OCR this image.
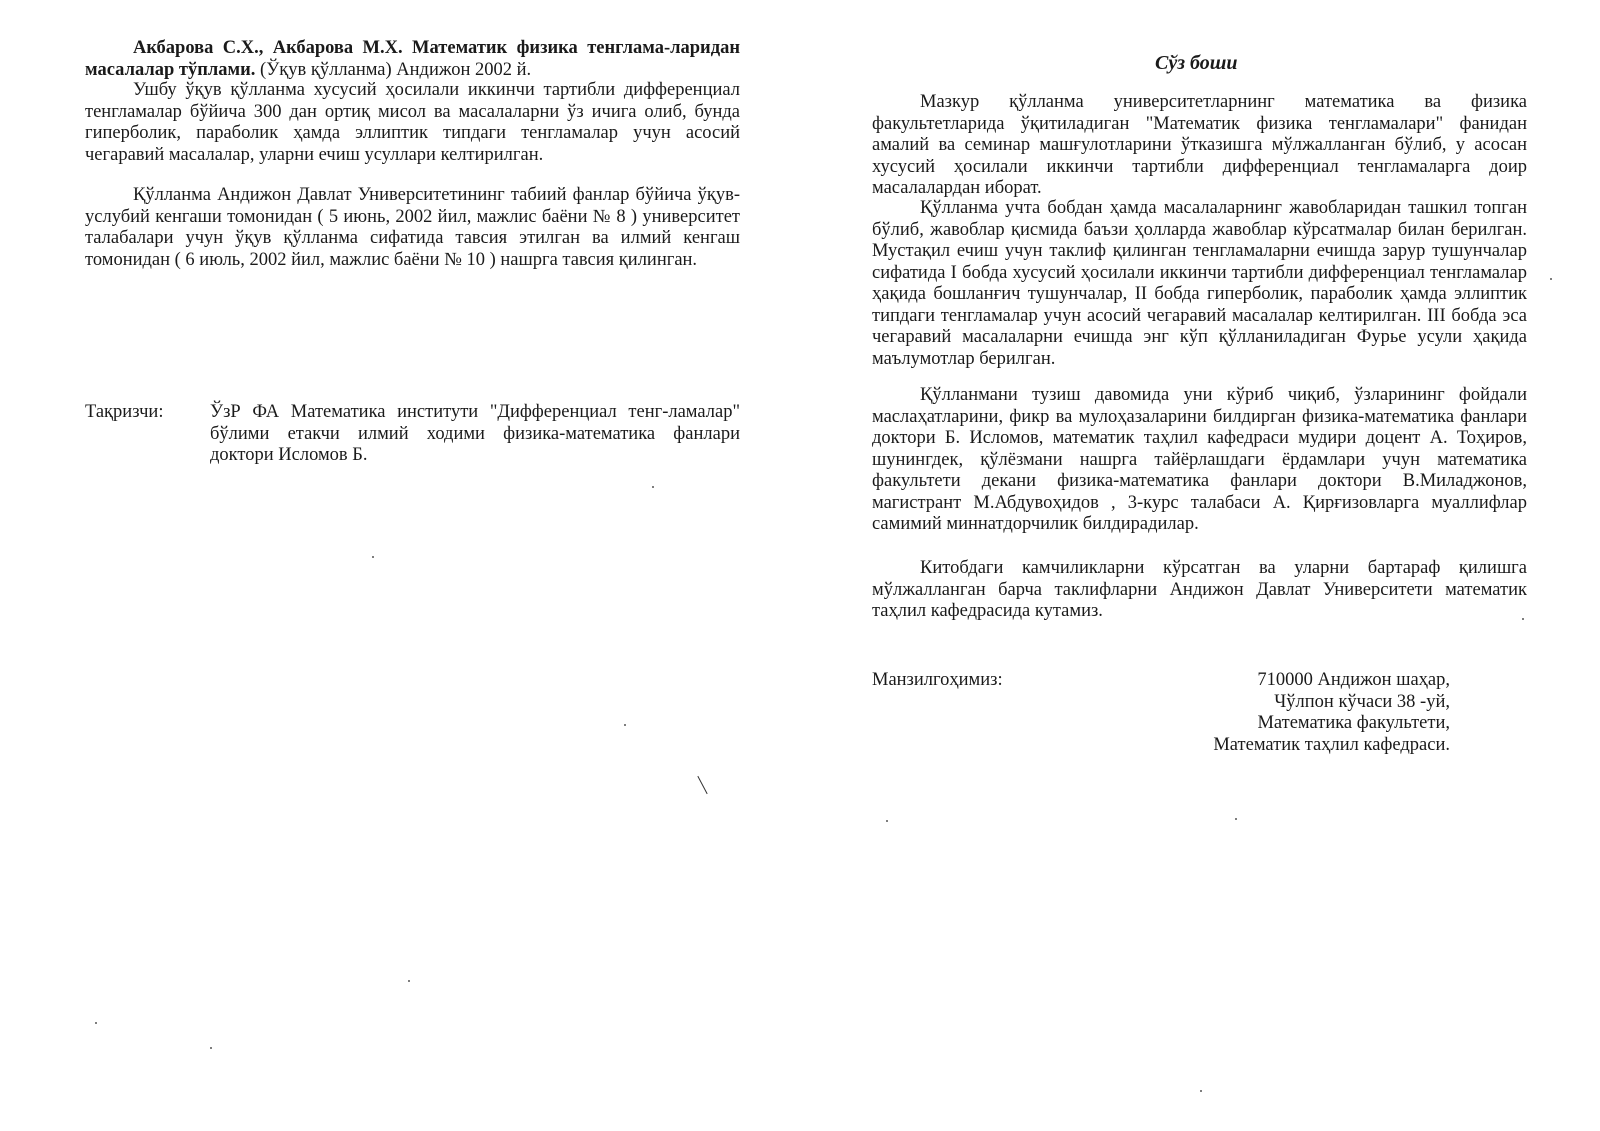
Акбарова С.Х., Акбарова М.Х. Математик физика тенглама-ларидан масалалар тўплами. (Ўқув қўлланма) Андижон 2002 й.

Ушбу ўқув қўлланма хусусий ҳосилали иккинчи тартибли дифференциал тенгламалар бўйича 300 дан ортиқ мисол ва масалаларни ўз ичига олиб, бунда гиперболик, параболик ҳамда эллиптик типдаги тенгламалар учун асосий чегаравий масалалар, уларни ечиш усуллари келтирилган.

Қўлланма Андижон Давлат Университетининг табиий фанлар бўйича ўқув-услубий кенгаши томонидан ( 5 июнь, 2002 йил, мажлис баёни № 8 ) университет талабалари учун ўқув қўлланма сифатида тавсия этилган ва илмий кенгаш томонидан ( 6 июль, 2002 йил, мажлис баёни № 10 ) нашрга тавсия қилинган.

Тақризчи:	ЎзР ФА Математика институти "Дифференциал тенг-ламалар" бўлими етакчи илмий ходими физика-математика фанлари доктори Исломов Б.
Сўз боши

Мазкур қўлланма университетларнинг математика ва физика факультетларида ўқитиладиган "Математик физика тенгламалари" фанидан амалий ва семинар машғулотларини ўтказишга мўлжалланган бўлиб, у асосан хусусий ҳосилали иккинчи тартибли дифференциал тенгламаларга доир масалалардан иборат.

Қўлланма учта бобдан ҳамда масалаларнинг жавобларидан ташкил топган бўлиб, жавоблар қисмида баъзи ҳолларда жавоблар кўрсатмалар билан берилган. Мустақил ечиш учун таклиф қилинган тенгламаларни ечишда зарур тушунчалар сифатида I бобда хусусий ҳосилали иккинчи тартибли дифференциал тенгламалар ҳақида бошланғич тушунчалар, II бобда гиперболик, параболик ҳамда эллиптик типдаги тенгламалар учун асосий чегаравий масалалар келтирилган. III бобда эса чегаравий масалаларни ечишда энг кўп қўлланиладиган Фурье усули ҳақида маълумотлар берилган.

Қўлланмани тузиш давомида уни кўриб чиқиб, ўзларининг фойдали маслаҳатларини, фикр ва мулоҳазаларини билдирган физика-математика фанлари доктори Б. Исломов, математик таҳлил кафедраси мудири доцент А. Тоҳиров, шунингдек, қўлёзмани нашрга тайёрлашдаги ёрдамлари учун математика факультети декани физика-математика фанлари доктори В.Миладжонов, магистрант М.Абдувоҳидов , 3-курс талабаси А. Қирғизовларга муаллифлар самимий миннатдорчилик билдирадилар.

Китобдаги камчиликларни кўрсатган ва уларни бартараф қилишга мўлжалланган барча таклифларни Андижон Давлат Университети математик таҳлил кафедрасида кутамиз.

Манзилгоҳимиз:	710000 Андижон шаҳар,
Чўлпон кўчаси 38 -уй,
Математика факультети,
Математик таҳлил кафедраси.
